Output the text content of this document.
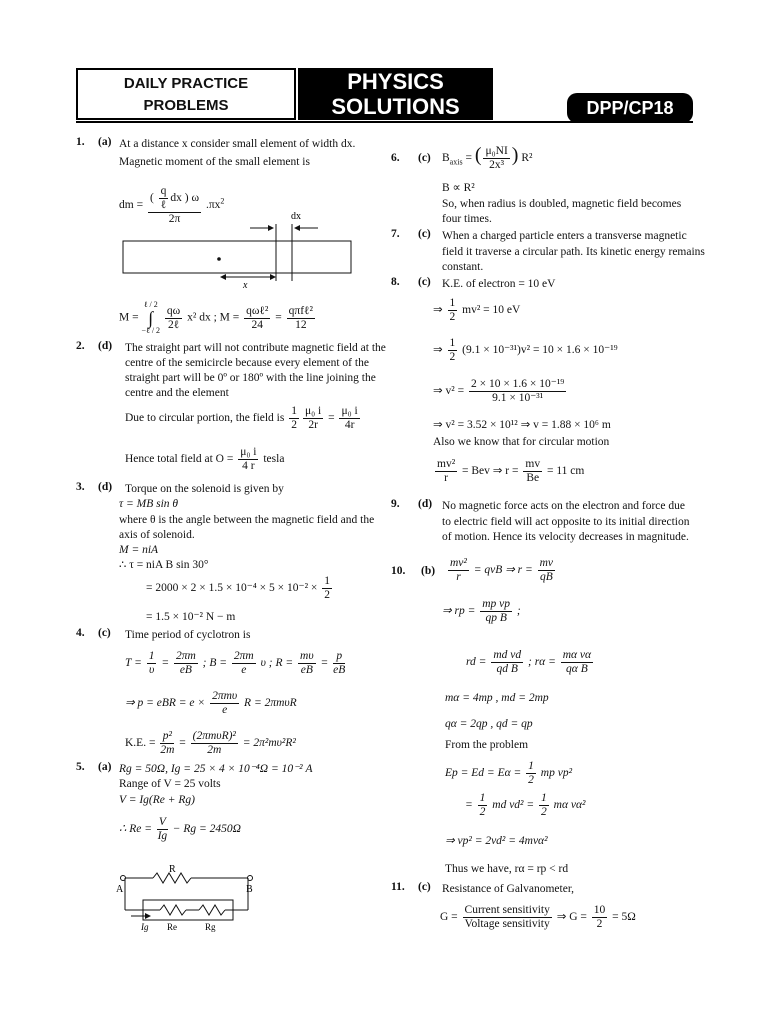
DAILY PRACTICE
PROBLEMS
PHYSICS
SOLUTIONS	DPP/CP18
1. (a) At a distance x consider small element of width dx.
Magnetic moment of the small element is
dm = $\frac{( \frac{q}{\text{ℓ}} dx ) \omega}{2\pi} .\pi x^2$
dx
x
M =
ℓ / 2
∫
−ℓ / 2
$\frac{q\omega}{\text{2ℓ}} x^2$ dx ; $M = \frac{\text{qωℓ²}}{24} = \frac{\text{qπfℓ²}}{12}$
2. (d) The straight part will not contribute magnetic field at the
centre of the semicircle because every element of the
straight part will be 0º or 180º with the line joining the
centre and the element
Due to circular portion, the field is $\frac{1}{2} \frac{\text{μ₀ i}}{2r} = \frac{\text{μ₀ i}}{4r}$
Hence total field at $O = \frac{\text{μ₀ i}}{4 r}$ tesla
3. (d) Torque on the solenoid is given by
τ = MB sin θ
where θ is the angle between the magnetic field and the
axis of solenoid.
M = niA
∴ τ = niA B sin 30°
= $2000 \times 2 \times 1.5 \times 10^{-4} \times 5 \times 10^{-2} \times \frac{1}{2}$
= 1.5 × 10⁻² N − m
4. (c) Time period of cyclotron is
$T = \frac{1}{\upsilon} = \frac{2\pi m}{eB}$ ; $B = \frac{2\pi m}{e}$ υ ; $R = \frac{m\upsilon}{eB} = \frac{p}{eB}$
⇒ p = eBR = $e \times \frac{\text{2πmυ}}{e}$ R = 2πmυR
K.E. = $\frac{\text{p²}}{2m} = \frac{\text{(2πmυR)²}}{2m} = 2\pi^2m\upsilon^2R^2$
5. (a) Rg = 50Ω, Ig = 25 × 4 × 10⁻⁴Ω = 10⁻² A
Range of V = 25 volts
V = Ig(Re + Rg)
∴ $Re = \frac{V}{Ig} - Rg = 2450\Omega$
R
A	B
Ig Re	Rg
6. (c) $B_{axis}$ = ( $\frac{\text{μ₀NI}}{\text{2x³}}$ ) R²
B ∝ R²
So, when radius is doubled, magnetic field becomes
four times.
7. (c) When a charged particle enters a transverse magnetic
field it traverse a circular path. Its kinetic energy remains
constant.
8. (c) K.E. of electron = 10 eV
⇒ $\frac{1}{2} mv^2 = 10$ eV
⇒ $\frac{1}{2} (9.1 \times 10^{-31})v^2 = 10 \times 1.6 \times 10^{-19}$
⇒ $v^2 = \frac{\text{2 × 10 × 1.6 × 10⁻¹⁹}}{\text{9.1 × 10⁻³¹}}$
⇒ v² = 3.52 × 10¹² ⇒ v = 1.88 × 10⁶ m
Also we know that for circular motion
$\frac{\text{mv²}}{r}$ = Bev ⇒ $r = \frac{mv}{Be} = 11$ cm
9. (d) No magnetic force acts on the electron and force due
to electric field will act opposite to its initial direction
of motion. Hence its velocity decreases in magnitude.
10. $(b) \frac{\text{mv²}}{r}$ = qvB ⇒ $r = \frac{mv}{qB}$
⇒ rp = $\frac{\text{mp vp}}{\text{qp B}}$ ;
rd = $\frac{\text{md vd}}{\text{qd B}}$ ; $r\alpha = \frac{\text{mα vα}}{\text{qα B}}$
mα = 4mp , md = 2mp
qα = 2qp , qd = qp
From the problem
$Ep = Ed = E\alpha = \frac{1}{2}$ mp vp²
= $\frac{1}{2}$ md $vd^2 = \frac{1}{2}$ mα vα²
⇒ vp² = 2vd² = 4mvα²
Thus we have, rα = rp < rd
11. (c) Resistance of Galvanometer,
$G = \frac{\text{Current sensitivity}}{\text{Voltage sensitivity}}$ ⇒ $G = \frac{10}{2} = 5\Omega$
